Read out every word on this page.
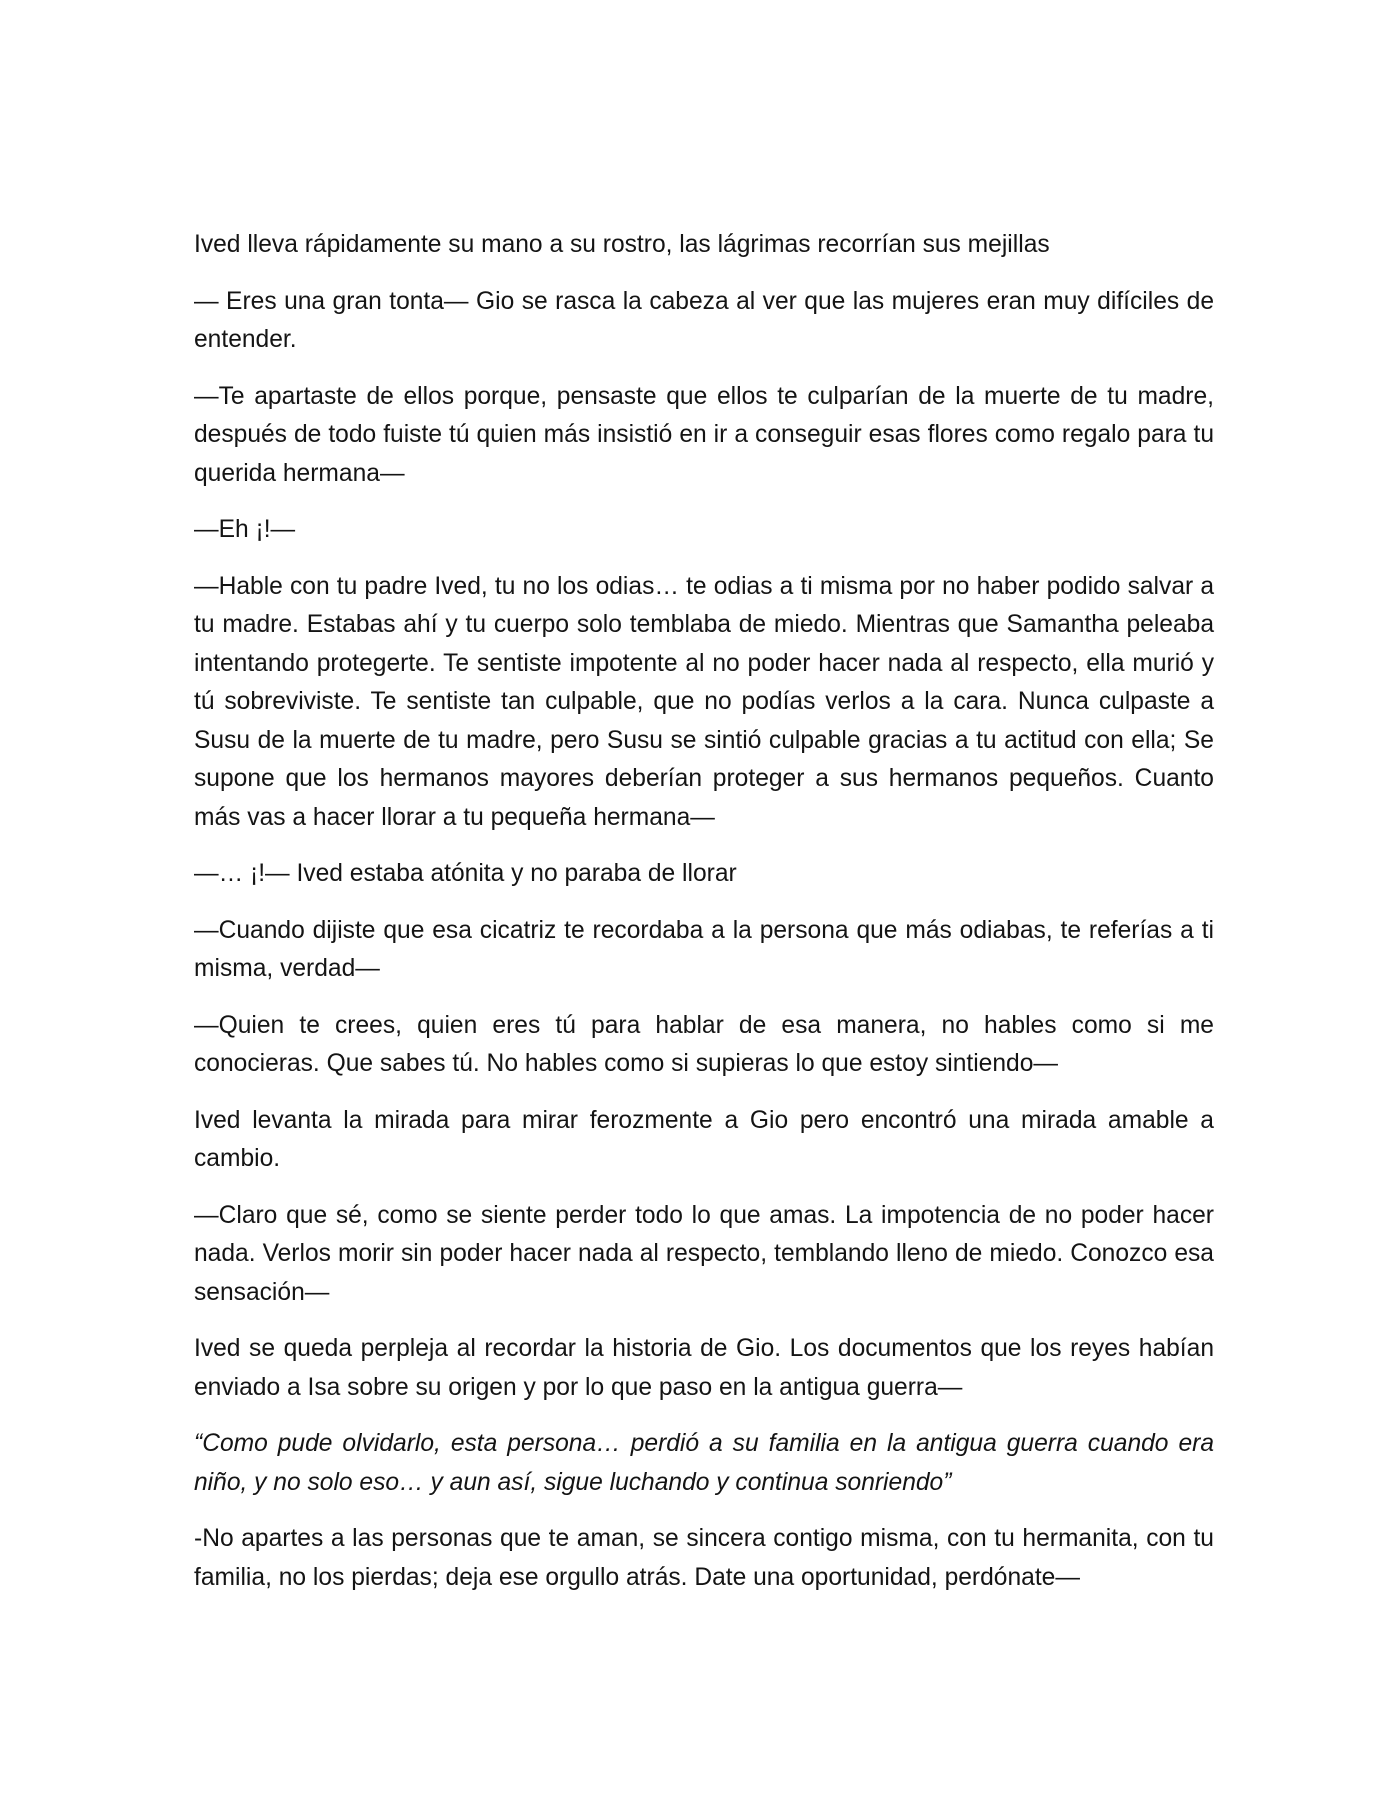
Ived lleva rápidamente su mano a su rostro, las lágrimas recorrían sus mejillas

— Eres una gran tonta— Gio se rasca la cabeza al ver que las mujeres eran muy difíciles de entender.

—Te apartaste de ellos porque, pensaste que ellos te culparían de la muerte de tu madre, después de todo fuiste tú quien más insistió en ir a conseguir esas flores como regalo para tu querida hermana—

—Eh ¡!—

—Hable con tu padre Ived, tu no los odias… te odias a ti misma por no haber podido salvar a tu madre. Estabas ahí y tu cuerpo solo temblaba de miedo. Mientras que Samantha peleaba intentando protegerte. Te sentiste impotente al no poder hacer nada al respecto, ella murió y tú sobreviviste. Te sentiste tan culpable, que no podías verlos a la cara. Nunca culpaste a Susu de la muerte de tu madre, pero Susu se sintió culpable gracias a tu actitud con ella; Se supone que los hermanos mayores deberían proteger a sus hermanos pequeños. Cuanto más vas a hacer llorar a tu pequeña hermana—

—… ¡!— Ived estaba atónita y no paraba de llorar

—Cuando dijiste que esa cicatriz te recordaba a la persona que más odiabas, te referías a ti misma, verdad—

—Quien te crees, quien eres tú para hablar de esa manera, no hables como si me conocieras. Que sabes tú. No hables como si supieras lo que estoy sintiendo—

Ived levanta la mirada para mirar ferozmente a Gio pero encontró una mirada amable a cambio.

—Claro que sé, como se siente perder todo lo que amas. La impotencia de no poder hacer nada. Verlos morir sin poder hacer nada al respecto, temblando lleno de miedo. Conozco esa sensación—

Ived se queda perpleja al recordar la historia de Gio. Los documentos que los reyes habían enviado a Isa sobre su origen y por lo que paso en la antigua guerra—

“Como pude olvidarlo, esta persona… perdió a su familia en la antigua guerra cuando era niño, y no solo eso… y aun así, sigue luchando y continua sonriendo”

-No apartes a las personas que te aman, se sincera contigo misma, con tu hermanita, con tu familia, no los pierdas; deja ese orgullo atrás. Date una oportunidad, perdónate—
